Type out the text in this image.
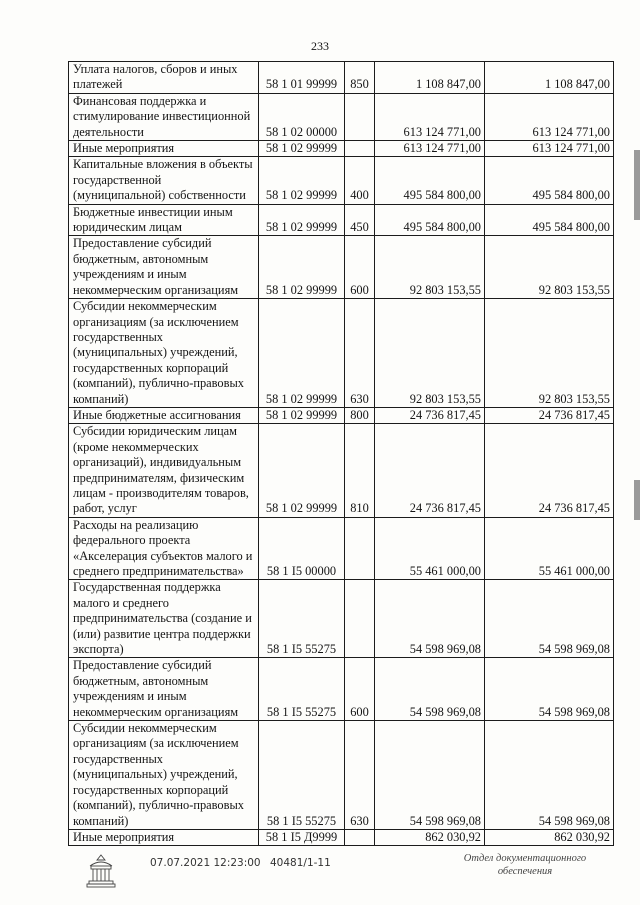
233
Уплата налогов, сборов и иных платежей	58 1 01 99999	850	1 108 847,00	1 108 847,00
Финансовая поддержка и стимулирование инвестиционной деятельности	58 1 02 00000		613 124 771,00	613 124 771,00
Иные мероприятия	58 1 02 99999		613 124 771,00	613 124 771,00
Капитальные вложения в объекты государственной (муниципальной) собственности	58 1 02 99999	400	495 584 800,00	495 584 800,00
Бюджетные инвестиции иным юридическим лицам	58 1 02 99999	450	495 584 800,00	495 584 800,00
Предоставление субсидий бюджетным, автономным учреждениям и иным некоммерческим организациям	58 1 02 99999	600	92 803 153,55	92 803 153,55
Субсидии некоммерческим организациям (за исключением государственных (муниципальных) учреждений, государственных корпораций (компаний), публично-правовых компаний)	58 1 02 99999	630	92 803 153,55	92 803 153,55
Иные бюджетные ассигнования	58 1 02 99999	800	24 736 817,45	24 736 817,45
Субсидии юридическим лицам (кроме некоммерческих организаций), индивидуальным предпринимателям, физическим лицам - производителям товаров, работ, услуг	58 1 02 99999	810	24 736 817,45	24 736 817,45
Расходы на реализацию федерального проекта «Акселерация субъектов малого и среднего предпринимательства»	58 1 I5 00000		55 461 000,00	55 461 000,00
Государственная поддержка малого и среднего предпринимательства (создание и (или) развитие центра поддержки экспорта)	58 1 I5 55275		54 598 969,08	54 598 969,08
Предоставление субсидий бюджетным, автономным учреждениям и иным некоммерческим организациям	58 1 I5 55275	600	54 598 969,08	54 598 969,08
Субсидии некоммерческим организациям (за исключением государственных (муниципальных) учреждений, государственных корпораций (компаний), публично-правовых компаний)	58 1 I5 55275	630	54 598 969,08	54 598 969,08
Иные мероприятия	58 1 I5 Д9999		862 030,92	862 030,92
07.07.2021 12:23:00 40481/1-11	Отдел документационного
обеспечения
